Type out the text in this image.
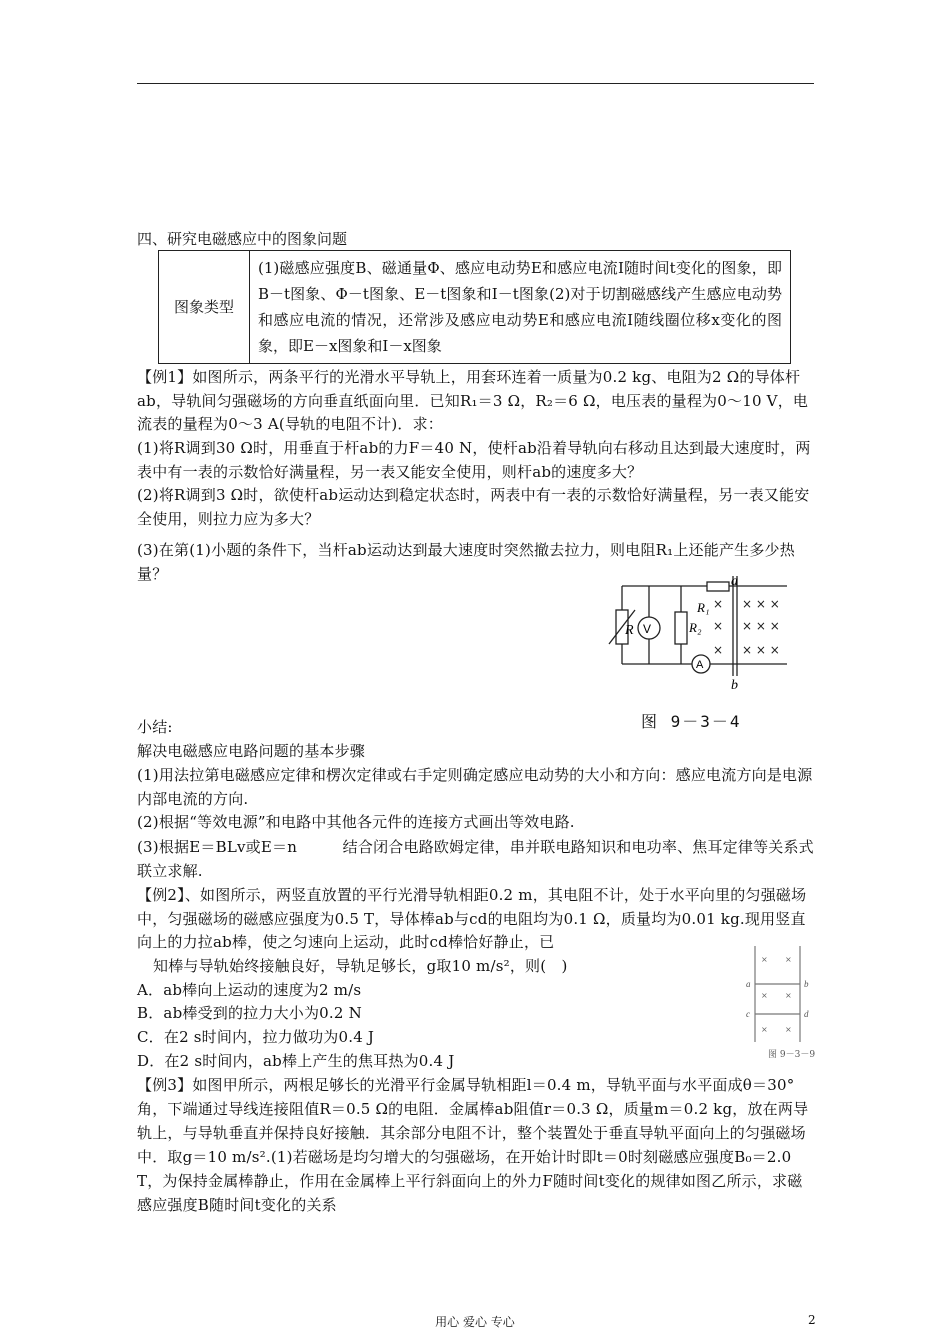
四、研究电磁感应中的图象问题
图象类型	(1)磁感应强度B、磁通量Φ、感应电动势E和感应电流I随时间t变化的图象，即B－t图象、Φ－t图象、E－t图象和I－t图象(2)对于切割磁感线产生感应电动势和感应电流的情况，还常涉及感应电动势E和感应电流I随线圈位移x变化的图象，即E－x图象和I－x图象
【例1】如图所示，两条平行的光滑水平导轨上，用套环连着一质量为0.2 kg、电阻为2 Ω的导体杆ab，导轨间匀强磁场的方向垂直纸面向里．已知R₁＝3 Ω，R₂＝6 Ω，电压表的量程为0～10 V，电流表的量程为0～3 A(导轨的电阻不计)．求：
(1)将R调到30 Ω时，用垂直于杆ab的力F＝40 N，使杆ab沿着导轨向右移动且达到最大速度时，两表中有一表的示数恰好满量程，另一表又能安全使用，则杆ab的速度多大？
(2)将R调到3 Ω时，欲使杆ab运动达到稳定状态时，两表中有一表的示数恰好满量程，另一表又能安全使用，则拉力应为多大？
(3)在第(1)小题的条件下，当杆ab运动达到最大速度时突然撤去拉力，则电阻R₁上还能产生多少热量？
R V	R₂
R₁
A
a
b
×
×
×
× × ×
× × ×
× × ×
图 9－3－4
小结:
解决电磁感应电路问题的基本步骤
(1)用法拉第电磁感应定律和楞次定律或右手定则确定感应电动势的大小和方向：感应电流方向是电源内部电流的方向.
(2)根据“等效电源”和电路中其他各元件的连接方式画出等效电路.
(3)根据E＝BLv或E＝n　　　结合闭合电路欧姆定律，串并联电路知识和电功率、焦耳定律等关系式联立求解.
【例2】、如图所示，两竖直放置的平行光滑导轨相距0.2 m，其电阻不计，处于水平向里的匀强磁场中，匀强磁场的磁感应强度为0.5 T，导体棒ab与cd的电阻均为0.1 Ω，质量均为0.01 kg.现用竖直向上的力拉ab棒，使之匀速向上运动，此时cd棒恰好静止，已
知棒与导轨始终接触良好，导轨足够长，g取10 m/s²，则(　)
A．ab棒向上运动的速度为2 m/s
B．ab棒受到的拉力大小为0.2 N
C．在2 s时间内，拉力做功为0.4 J
D．在2 s时间内，ab棒上产生的焦耳热为0.4 J
× ×
× ×
× ×
a	b
c	d
图 9－3－9
【例3】如图甲所示，两根足够长的光滑平行金属导轨相距l＝0.4 m，导轨平面与水平面成θ＝30°角，下端通过导线连接阻值R＝0.5 Ω的电阻．金属棒ab阻值r＝0.3 Ω，质量m＝0.2 kg，放在两导轨上，与导轨垂直并保持良好接触．其余部分电阻不计，整个装置处于垂直导轨平面向上的匀强磁场中．取g＝10 m/s².(1)若磁场是均匀增大的匀强磁场，在开始计时即t＝0时刻磁感应强度B₀＝2.0 T，为保持金属棒静止，作用在金属棒上平行斜面向上的外力F随时间t变化的规律如图乙所示，求磁感应强度B随时间t变化的关系
用心 爱心 专心	2
